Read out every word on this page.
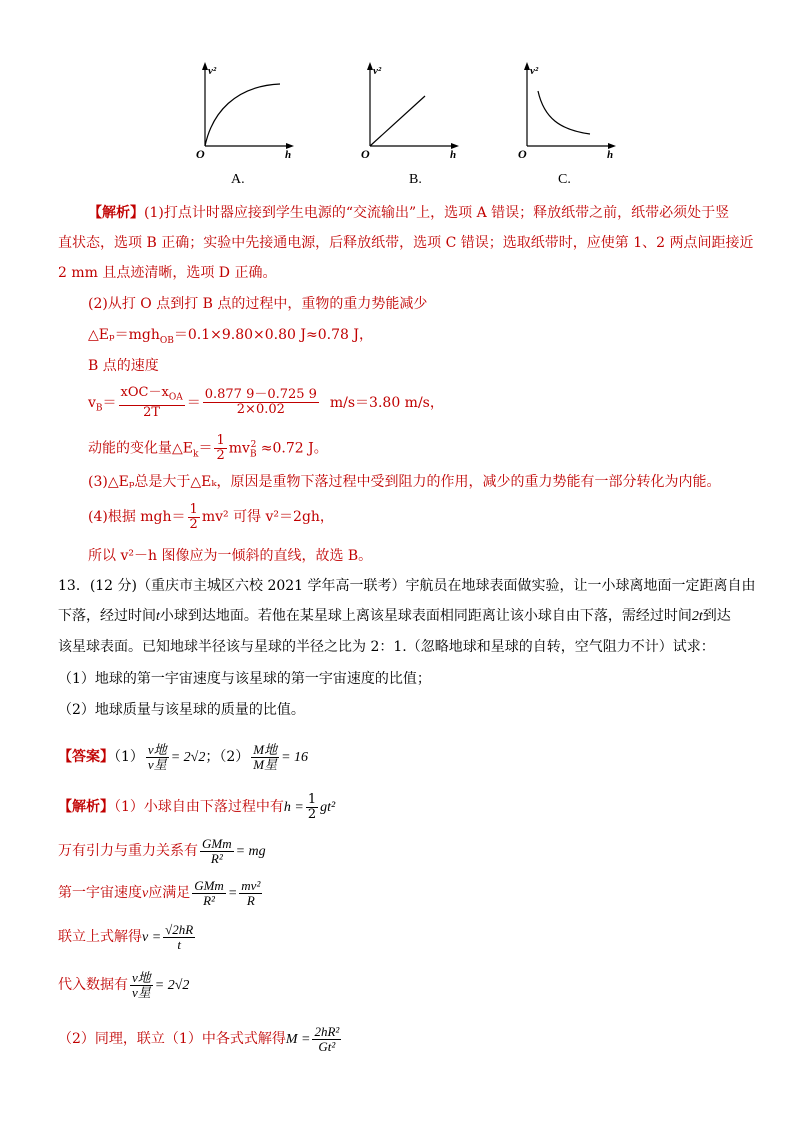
v²
O	h
v²
O	h
v²
O	h
A.	B.	C.
【解析】(1)打点计时器应接到学生电源的“交流输出”上，选项 A 错误；释放纸带之前，纸带必须处于竖
直状态，选项 B 正确；实验中先接通电源，后释放纸带，选项 C 错误；选取纸带时，应使第 1、2 两点间距接近
2 mm 且点迹清晰，选项 D 正确。
(2)从打 O 点到打 B 点的过程中，重物的重力势能减少
△Eₚ＝mgh$_{OB}$＝0.1×9.80×0.80 J≈0.78 J，
B 点的速度
$v_B= \frac{xOC-x_{OA}}{2T} = \frac{0.877 9-0.725 9}{2\times 0.02} m/s=3.80$ m/s，
动能的变化量$\triangle E_k= \frac{1}{2} mv_B^2 \approx 0.72$ J。
(3)△Eₚ总是大于△Eₖ，原因是重物下落过程中受到阻力的作用，减少的重力势能有一部分转化为内能。
(4)根据 $mgh= \frac{1}{2} mv^2$ 可得 v²＝2gh，
所以 v²－h 图像应为一倾斜的直线，故选 B。
13．(12 分)（重庆市主城区六校 2021 学年高一联考）宇航员在地球表面做实验，让一小球离地面一定距离自由
下落，经过时间t小球到达地面。若他在某星球上离该星球表面相同距离让该小球自由下落，需经过时间2t到达
该星球表面。已知地球半径该与星球的半径之比为 2：1.（忽略地球和星球的自转，空气阻力不计）试求：
（1）地球的第一宇宙速度与该星球的第一宇宙速度的比值；
（2）地球质量与该星球的质量的比值。
【答案】$(1) \frac{\text{v地}}{\text{v星}} = 2√2$；$(2) \frac{\text{M地}}{\text{M星}} = 16$
【解析】（1）小球自由下落过程中有$h = \frac{1}{2} gt^2$
万有引力与重力关系有 $\frac{\text{GMm}}{\text{R²}}$ = mg
第一宇宙速度v应满足 $\frac{\text{GMm}}{\text{R²}} = \frac{\text{mv²}}{R}$
联立上式解得$v = \frac{√2hR}{t}$
代入数据有 $\frac{\text{v地}}{\text{v星}} = 2√2$
（2）同理，联立（1）中各式式解得$M = \frac{\text{2hR²}}{\text{Gt²}}$
